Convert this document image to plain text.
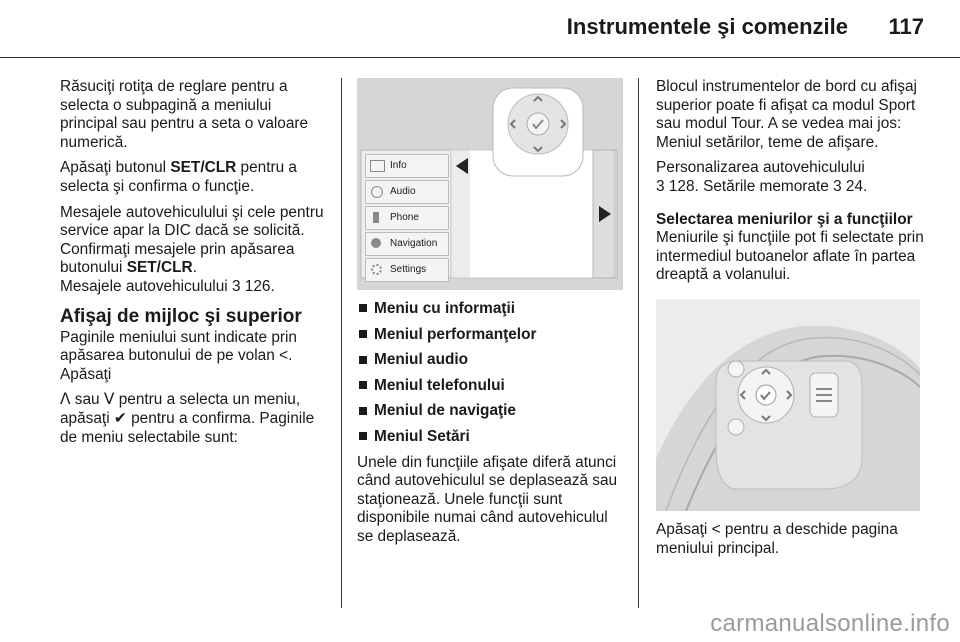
Instrumentele şi comenzile 117

Răsuciţi rotiţa de reglare pentru a selecta o subpagină a meniului principal sau pentru a seta o valoare numerică.

Apăsaţi butonul SET/CLR pentru a selecta şi confirma o funcţie.

Mesajele autovehiculului şi cele pentru service apar la DIC dacă se solicită. Confirmaţi mesajele prin apăsarea butonului SET/CLR.
Mesajele autovehiculului 3 126.

Afişaj de mijloc şi superior

Paginile meniului sunt indicate prin apăsarea butonului de pe volan <.
Apăsaţi

ᐱ sau ᐯ pentru a selecta un meniu, apăsaţi ✔ pentru a confirma. Paginile de meniu selectabile sunt:

Info
Audio
Phone
Navigation
Settings
Meniu cu informaţii
Meniul performanţelor
Meniul audio
Meniul telefonului
Meniul de navigaţie
Meniul Setări

Unele din funcţiile afişate diferă atunci când autovehiculul se deplasează sau staţionează. Unele funcţii sunt disponibile numai când autovehiculul se deplasează.

Blocul instrumentelor de bord cu afişaj superior poate fi afişat ca modul Sport sau modul Tour. A se vedea mai jos: Meniul setărilor, teme de afişare.

Personalizarea autovehiculului
3 128. Setările memorate 3 24.

Selectarea meniurilor şi a funcţiilor

Meniurile şi funcţiile pot fi selectate prin intermediul butoanelor aflate în partea dreaptă a volanului.

Apăsaţi < pentru a deschide pagina meniului principal.

carmanualsonline.info
